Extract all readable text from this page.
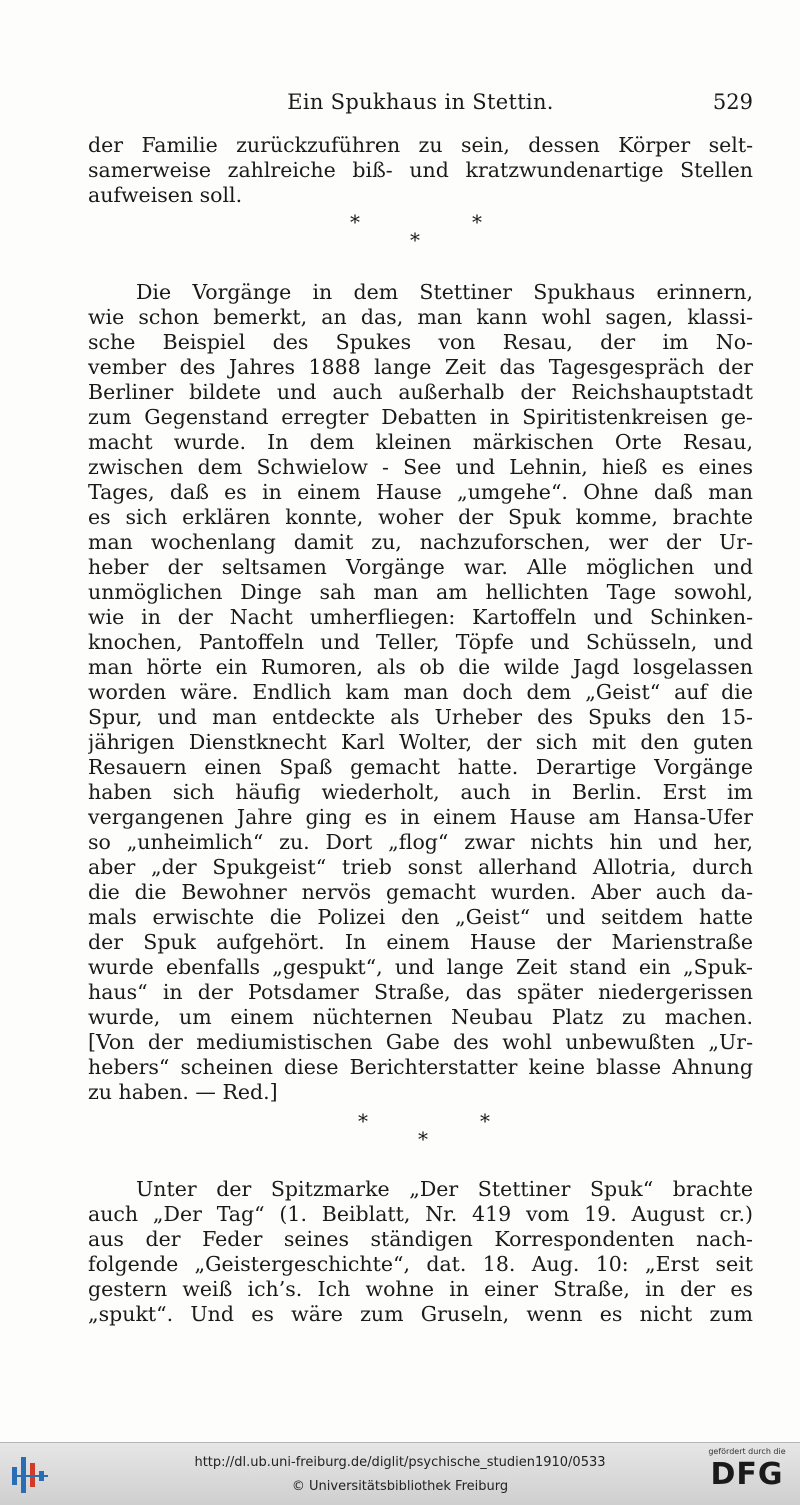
Ein Spukhaus in Stettin.	529
der Familie zurückzuführen zu sein, dessen Körper selt-
samerweise zahlreiche biß- und kratzwundenartige Stellen
aufweisen soll.
*	*
*
Die Vorgänge in dem Stettiner Spukhaus erinnern,
wie schon bemerkt, an das, man kann wohl sagen, klassi-
sche Beispiel des Spukes von Resau, der im No-
vember des Jahres 1888 lange Zeit das Tagesgespräch der
Berliner bildete und auch außerhalb der Reichshauptstadt
zum Gegenstand erregter Debatten in Spiritistenkreisen ge-
macht wurde. In dem kleinen märkischen Orte Resau,
zwischen dem Schwielow - See und Lehnin, hieß es eines
Tages, daß es in einem Hause „umgehe“. Ohne daß man
es sich erklären konnte, woher der Spuk komme, brachte
man wochenlang damit zu, nachzuforschen, wer der Ur-
heber der seltsamen Vorgänge war. Alle möglichen und
unmöglichen Dinge sah man am hellichten Tage sowohl,
wie in der Nacht umherfliegen: Kartoffeln und Schinken-
knochen, Pantoffeln und Teller, Töpfe und Schüsseln, und
man hörte ein Rumoren, als ob die wilde Jagd losgelassen
worden wäre. Endlich kam man doch dem „Geist“ auf die
Spur, und man entdeckte als Urheber des Spuks den 15-
jährigen Dienstknecht Karl Wolter, der sich mit den guten
Resauern einen Spaß gemacht hatte. Derartige Vorgänge
haben sich häufig wiederholt, auch in Berlin. Erst im
vergangenen Jahre ging es in einem Hause am Hansa-Ufer
so „unheimlich“ zu. Dort „flog“ zwar nichts hin und her,
aber „der Spukgeist“ trieb sonst allerhand Allotria, durch
die die Bewohner nervös gemacht wurden. Aber auch da-
mals erwischte die Polizei den „Geist“ und seitdem hatte
der Spuk aufgehört. In einem Hause der Marienstraße
wurde ebenfalls „gespukt“, und lange Zeit stand ein „Spuk-
haus“ in der Potsdamer Straße, das später niedergerissen
wurde, um einem nüchternen Neubau Platz zu machen.
[Von der mediumistischen Gabe des wohl unbewußten „Ur-
hebers“ scheinen diese Berichterstatter keine blasse Ahnung
zu haben. — Red.]
*	*
*
Unter der Spitzmarke „Der Stettiner Spuk“ brachte
auch „Der Tag“ (1. Beiblatt, Nr. 419 vom 19. August cr.)
aus der Feder seines ständigen Korrespondenten nach-
folgende „Geistergeschichte“, dat. 18. Aug. 10: „Erst seit
gestern weiß ich’s. Ich wohne in einer Straße, in der es
„spukt“. Und es wäre zum Gruseln, wenn es nicht zum
http://dl.ub.uni-freiburg.de/diglit/psychische_studien1910/0533
© Universitätsbibliothek Freiburg
gefördert durch die
DFG
